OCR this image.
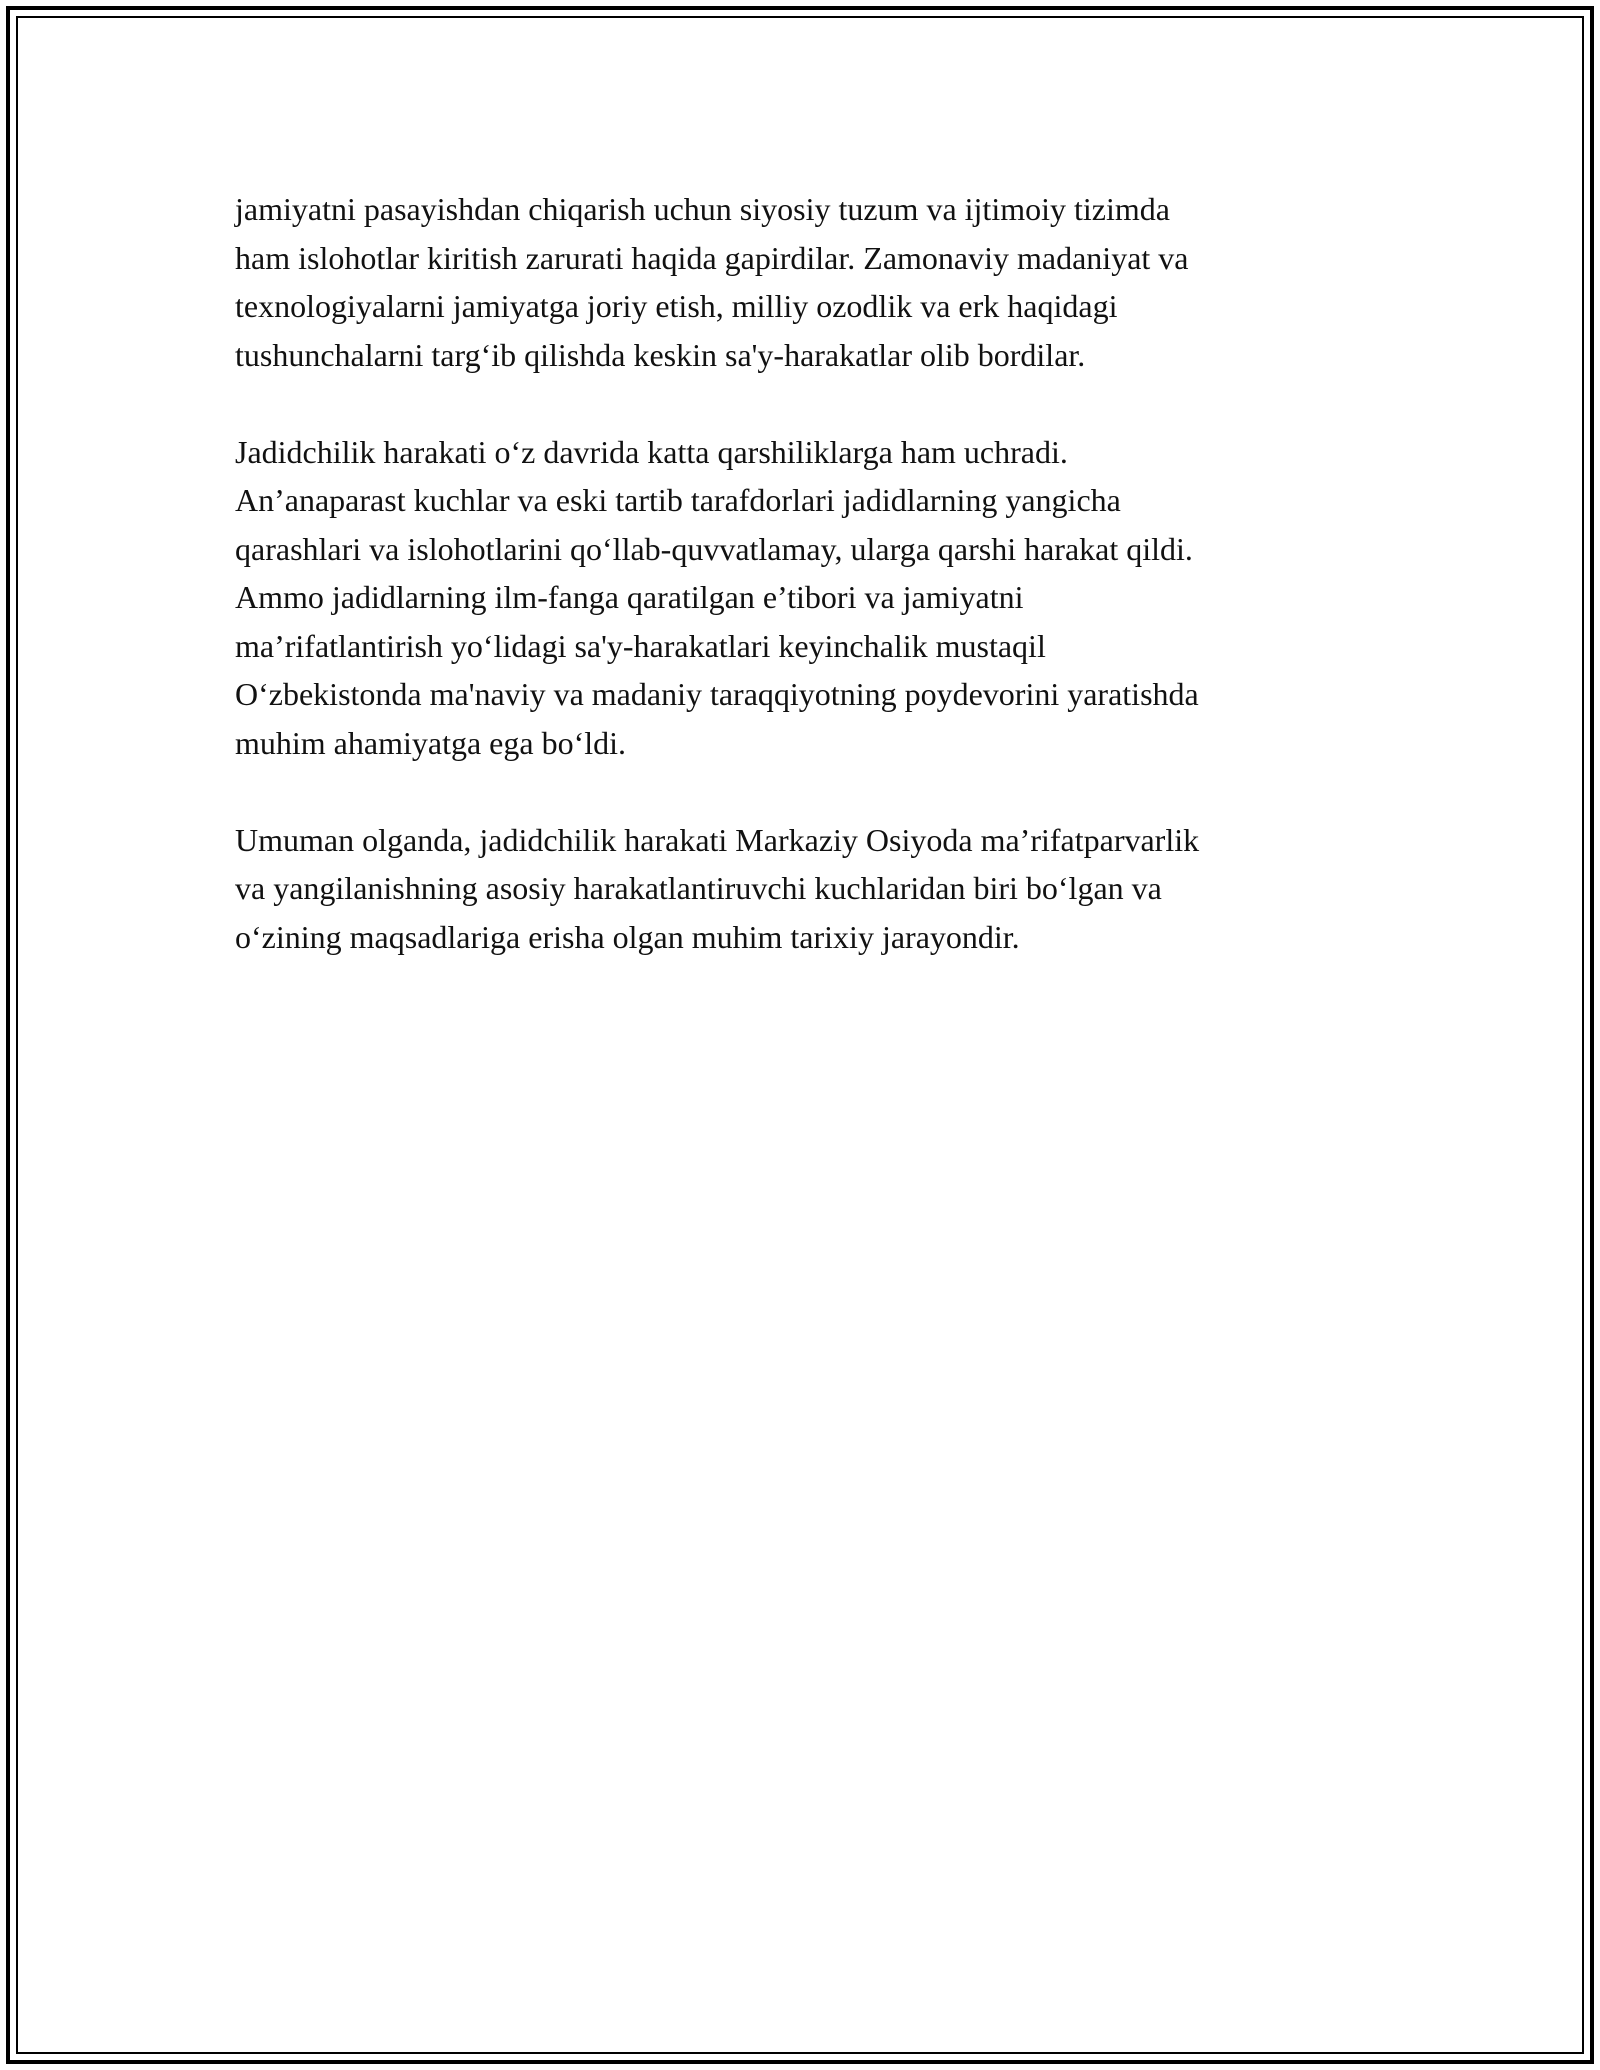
jamiyatni pasayishdan chiqarish uchun siyosiy tuzum va ijtimoiy tizimda
ham islohotlar kiritish zarurati haqida gapirdilar. Zamonaviy madaniyat va
texnologiyalarni jamiyatga joriy etish, milliy ozodlik va erk haqidagi
tushunchalarni targ‘ib qilishda keskin sa'y-harakatlar olib bordilar.

Jadidchilik harakati o‘z davrida katta qarshiliklarga ham uchradi.
An’anaparast kuchlar va eski tartib tarafdorlari jadidlarning yangicha
qarashlari va islohotlarini qo‘llab-quvvatlamay, ularga qarshi harakat qildi.
Ammo jadidlarning ilm-fanga qaratilgan e’tibori va jamiyatni
ma’rifatlantirish yo‘lidagi sa'y-harakatlari keyinchalik mustaqil
O‘zbekistonda ma'naviy va madaniy taraqqiyotning poydevorini yaratishda
muhim ahamiyatga ega bo‘ldi.

Umuman olganda, jadidchilik harakati Markaziy Osiyoda ma’rifatparvarlik
va yangilanishning asosiy harakatlantiruvchi kuchlaridan biri bo‘lgan va
o‘zining maqsadlariga erisha olgan muhim tarixiy jarayondir.
